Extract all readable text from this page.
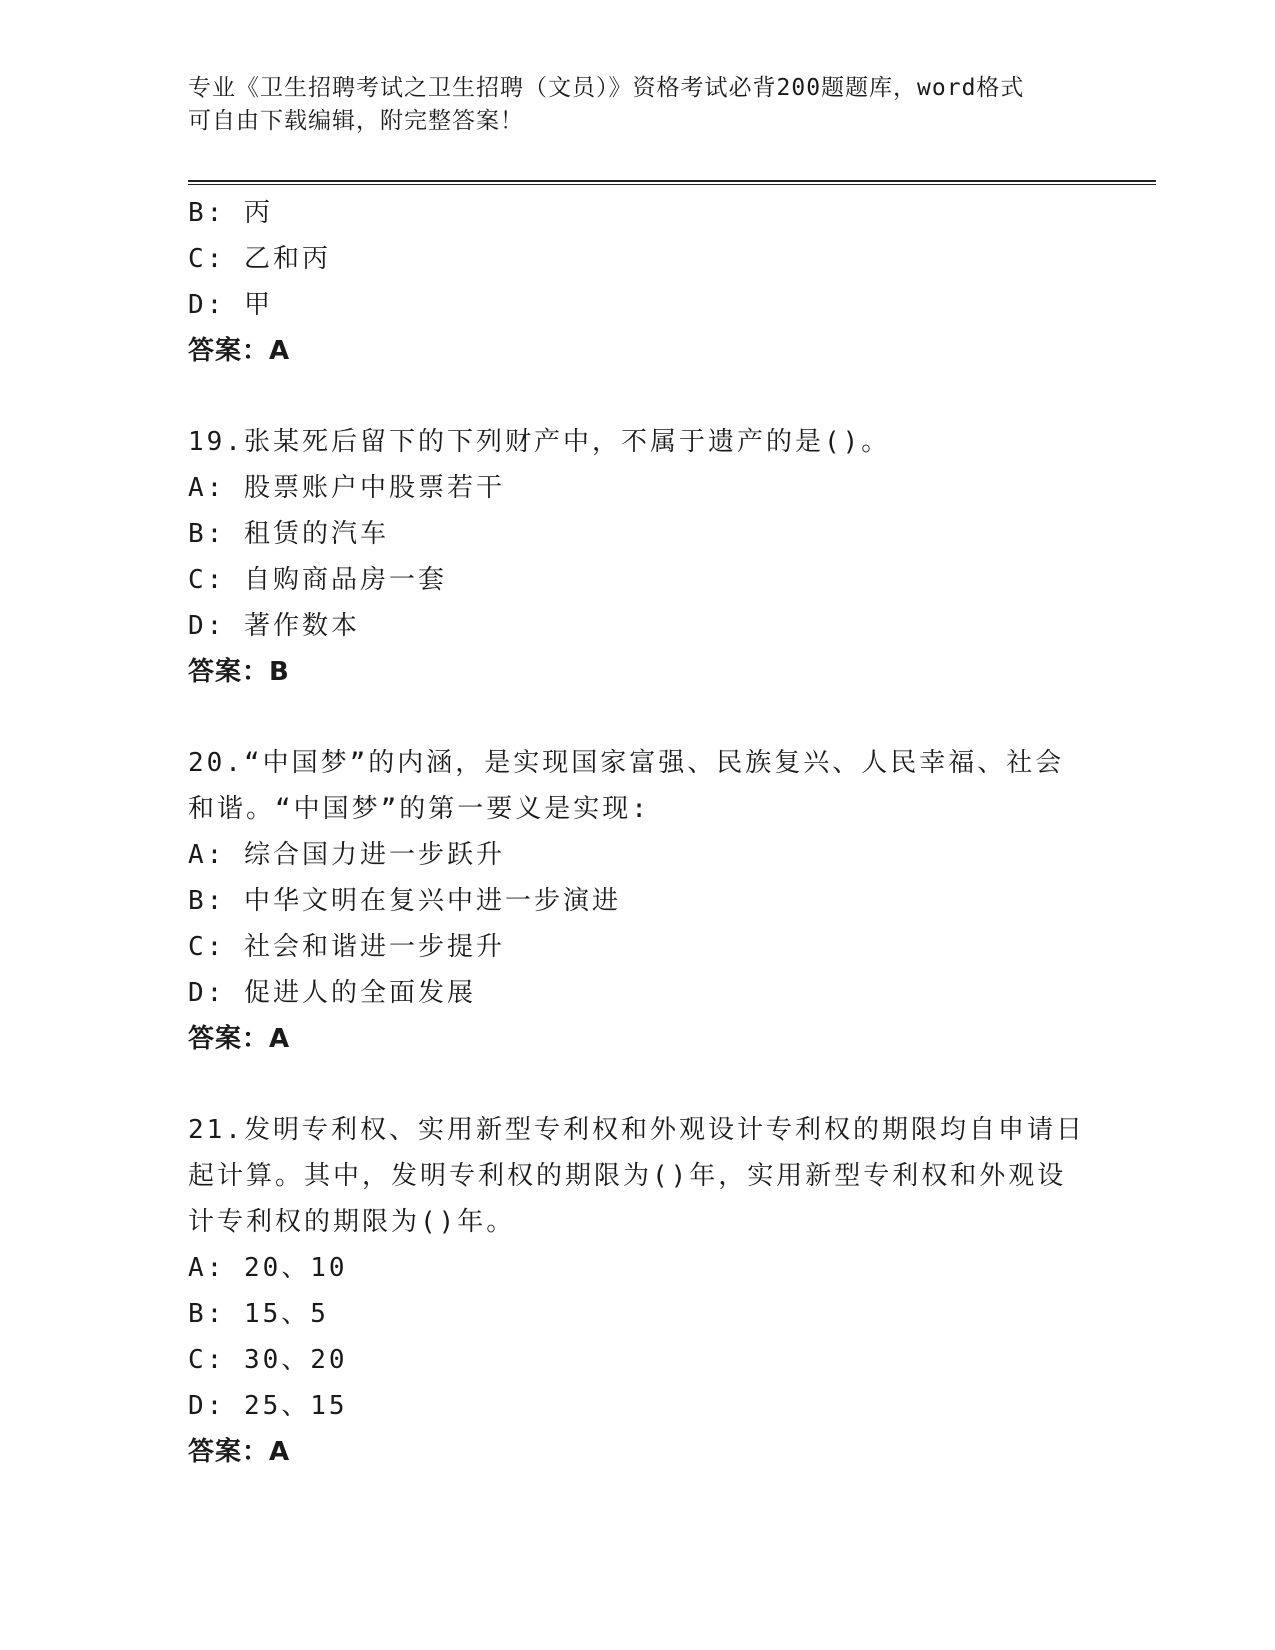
专业《卫生招聘考试之卫生招聘（文员）》资格考试必背200题题库，word格式
可自由下载编辑，附完整答案！
B: 丙
C: 乙和丙
D: 甲
答案：A
19.张某死后留下的下列财产中，不属于遗产的是()。
A: 股票账户中股票若干
B: 租赁的汽车
C: 自购商品房一套
D: 著作数本
答案：B
20.“中国梦”的内涵，是实现国家富强、民族复兴、人民幸福、社会
和谐。“中国梦”的第一要义是实现:
A: 综合国力进一步跃升
B: 中华文明在复兴中进一步演进
C: 社会和谐进一步提升
D: 促进人的全面发展
答案：A
21.发明专利权、实用新型专利权和外观设计专利权的期限均自申请日
起计算。其中，发明专利权的期限为()年，实用新型专利权和外观设
计专利权的期限为()年。
A: 20、10
B: 15、5
C: 30、20
D: 25、15
答案：A
